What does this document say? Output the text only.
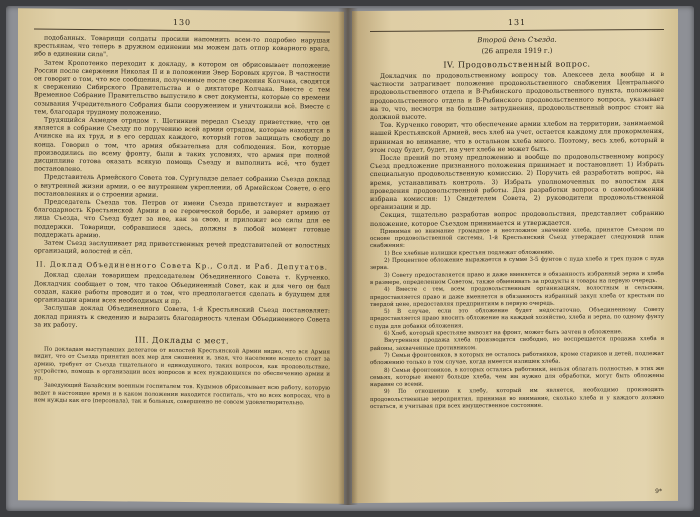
130

подобанных. Товарищи солдаты просили напомнить всем-то подробно нарушая крестьянам, что теперь в дружном единении мы можем дать отпор коварного врага, ибо в единении сила".

Затем Кропотенко переходит к докладу, в котором он обрисовывает положение России после свержения Николая II и в положении Эвер Боровых кругов. В частности он говорит о том, что все сообщения, полученные после свержения Колчака, сводятся к свержению Сибирского Правительства и о диктаторе Колчака. Вместе с тем Временное Собрание Правительство выпустило в свет документы, которые со времени созывания Учредительного Собрания были сооружением и уничтожили всё. Вместе с тем, благодаря трудному положению.

Трудящийся Ахмедов отрядом т. Щетинкин передал Съезду приветствие, что он является в собрание Съезду по поручению всей армии отрядом, которые находятся в Ачинске на их труд, и в его сердцах каждого, который готов защищать свободу до конца. Говорил о том, что армия обязательна для соблюдения. Бои, которые производились по всему фронту, были в таких условиях, что армия при полной дисциплине готова оказать всякую помощь Съезду и выполнить всё, что будет постановлено.

Представитель Армейского Совета тов. Сургуладзе делает собранию Съезда доклад о внутренней жизни армии, о ее внутреннем укреплении, об Армейском Совете, о его постановлениях и о строении армии.

Председатель Съезда тов. Петров от имени Съезда приветствует и выражает благодарность Крестьянской Армии в ее героической борьбе, и заверяет армию от лица Съезда, что Съезд будет за нее, как за свою, и приложит все силы для ее поддержки. Товарищи, собравшиеся здесь, должны в любой момент готовые поддержать армию.

Затем Съезд заслушивает ряд приветственных речей представителей от волостных организаций, волостей и сёл.

II. Доклад Объединенного Совета Кр., Солд. и Раб. Депутатов.

Доклад сделан товарищем председателем Объединенного Совета т. Курченко. Докладчик сообщает о том, что такое Объединенный Совет, как и для чего он был создан, какие работы проводит и о том, что предполагается сделать в будущем для организации армии всех необходимых и пр.

Заслушав доклад Объединенного Совета, 1-й Крестьянский Съезд постановляет: доклад принять к сведению и выразить благодарность членам Объединенного Совета за их работу.

III. Доклады с мест.

По докладам выступавших делегатов от волостей Крестьянской Армии видно, что вся Армия видит, что от Съезда принятия всех мер для сношения и, зная, что население всецело стоит за армию, требует от Съезда тщательного и единодушного, таких вопросов, как продовольствие, устройство, помощь в организации всех вопросов и всех нуждающихся по обеспечению армии и пр.

Заведующий Базайским военным госпиталем тов. Кудымов обрисовывает всю работу, которую ведет в настоящее время и в каком положении находится госпиталь, что во всех вопросах, что в нем нужды как его (персонала), так и больных, совершенно не совсем удовлетворительно.

131
Второй день Съезда.
(26 апреля 1919 г.)
IV. Продовольственный вопрос.

Докладчик по продовольственному вопросу тов. Алексеев дела вообще и в частности затрагивает положение продовольственного снабжения Центрального продовольственного отдела и В-Рыбинского продовольственного пункта, положение продовольственного отдела и В-Рыбинского продовольственного вопроса, указывает на то, что, несмотря на большие затруднения, продовольственный вопрос стоит на должной высоте.

Тов. Курченко говорит, что обеспечение армии хлебом на территории, занимаемой нашей Крестьянской Армией, весь хлеб на учет, остается каждому для прокормления, принимая во внимание, что в остальном хлеба много. Поэтому, весь хлеб, который в этом году будет, будет, на учет хлеба не может быть.

После прений по этому предложению и вообще по продовольственному вопросу Съезд предложение признанного положения принимает и постановляет: 1) Избрать специальную продовольственную комиссию. 2) Поручить ей разработать вопрос, на время, устанавливать контроль. 3) Избрать уполномоченных по волостям для проведения продовольственной работы. Для разработки вопроса о самообложении избрана комиссия: 1) Свидетелем Совета, 2) руководители продовольственной организации и др.

Секция, тщательно разработав вопрос продовольствия, представляет собранию положение, которое Съездом принимается и утверждается.

Принимая во внимание громадное и неотложное значение хлеба, принятое Съездом по основе продовольственной системы, 1-й Крестьянский Съезд утверждает следующий план снабжения:

1) Все хлебные излишки крестьян подлежат обложению.

2) Процентное обложение выражается в сумме 3-5 фунтов с пуда хлеба и трех пудов с пуда зерна.

3) Совету предоставляется право и даже вменяется в обязанность избранный зерна и хлеба в размере, определенном Советом, также обменивать за продукты и товары на первую очередь.

4) Вместе с тем, всем продовольственным организациям, волостным и сельским, предоставляется право и даже вменяется в обязанность избранный закуп хлеба от крестьян по твердой цене, предоставляя предприятиям в первую очередь.

5) В случае, если это обложение будет недостаточно, Объединенному Совету предоставляется право вносить обложение на каждый хозяйство, хлеба и зерна, по одному фунту с пуда для добавки обложения.

6) Хлеб, который крестьяне вывозят на фронт, может быть зачтен в обложение.

Внутренняя продажа хлеба производится свободно, но воспрещается продажа хлеба в районы, захваченные противником.

7) Семьи фронтовиков, в которых не осталось работников, кроме стариков и детей, подлежат обложению только в том случае, когда имеется излишек хлеба.

8) Семьи фронтовиков, в которых остались работники, нельзя облагать полностью, в этих же семьях, которые имеют больше хлеба, чем им нужно для обработки, могут быть обложены наравне со всеми.

9) По отношению к хлебу, который им является, необходимо производить продовольственные мероприятия, принимая во внимание, сколько хлеба и у каждого должно остаться, и учитывая при всех имущественное состояние.

9*
